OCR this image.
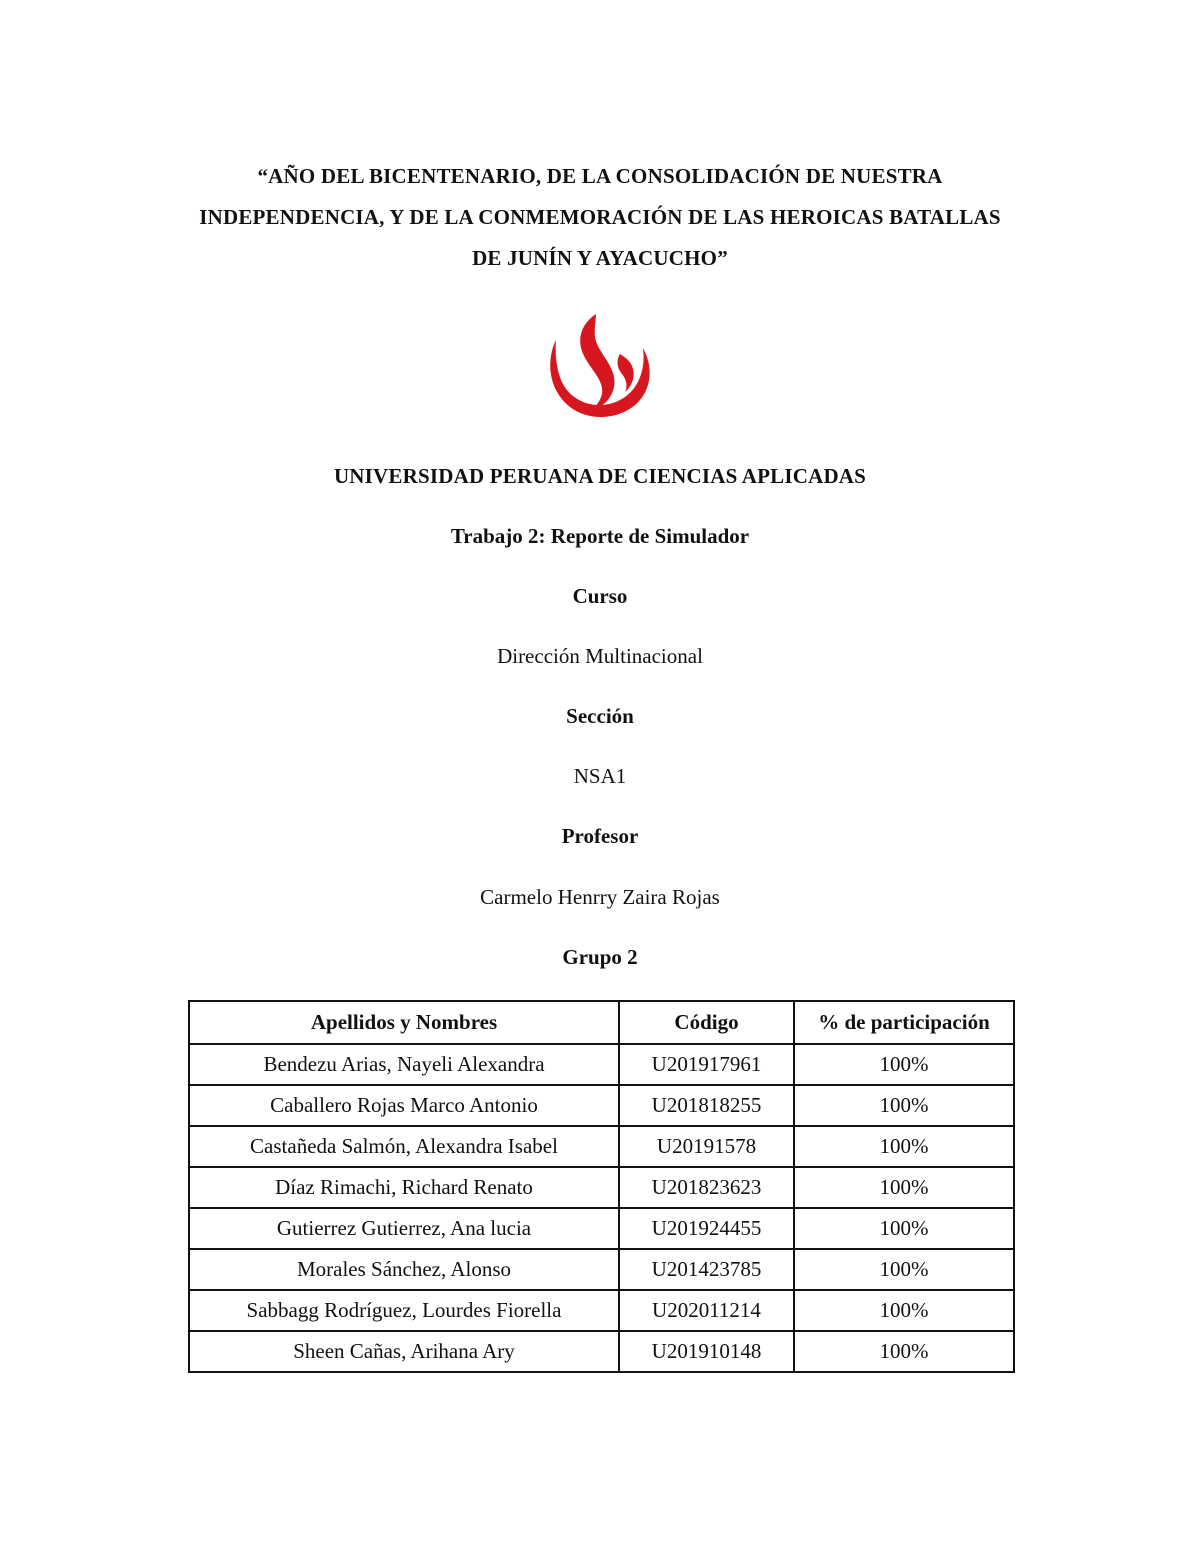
“AÑO DEL BICENTENARIO, DE LA CONSOLIDACIÓN DE NUESTRA
INDEPENDENCIA, Y DE LA CONMEMORACIÓN DE LAS HEROICAS BATALLAS
DE JUNÍN Y AYACUCHO”
UNIVERSIDAD PERUANA DE CIENCIAS APLICADAS
Trabajo 2: Reporte de Simulador
Curso
Dirección Multinacional
Sección
NSA1
Profesor
Carmelo Henrry Zaira Rojas
Grupo 2
Apellidos y Nombres	Código	% de participación
Bendezu Arias, Nayeli Alexandra	U201917961	100%
Caballero Rojas Marco Antonio	U201818255	100%
Castañeda Salmón, Alexandra Isabel	U20191578	100%
Díaz Rimachi, Richard Renato	U201823623	100%
Gutierrez Gutierrez, Ana lucia	U201924455	100%
Morales Sánchez, Alonso	U201423785	100%
Sabbagg Rodríguez, Lourdes Fiorella	U202011214	100%
Sheen Cañas, Arihana Ary	U201910148	100%
